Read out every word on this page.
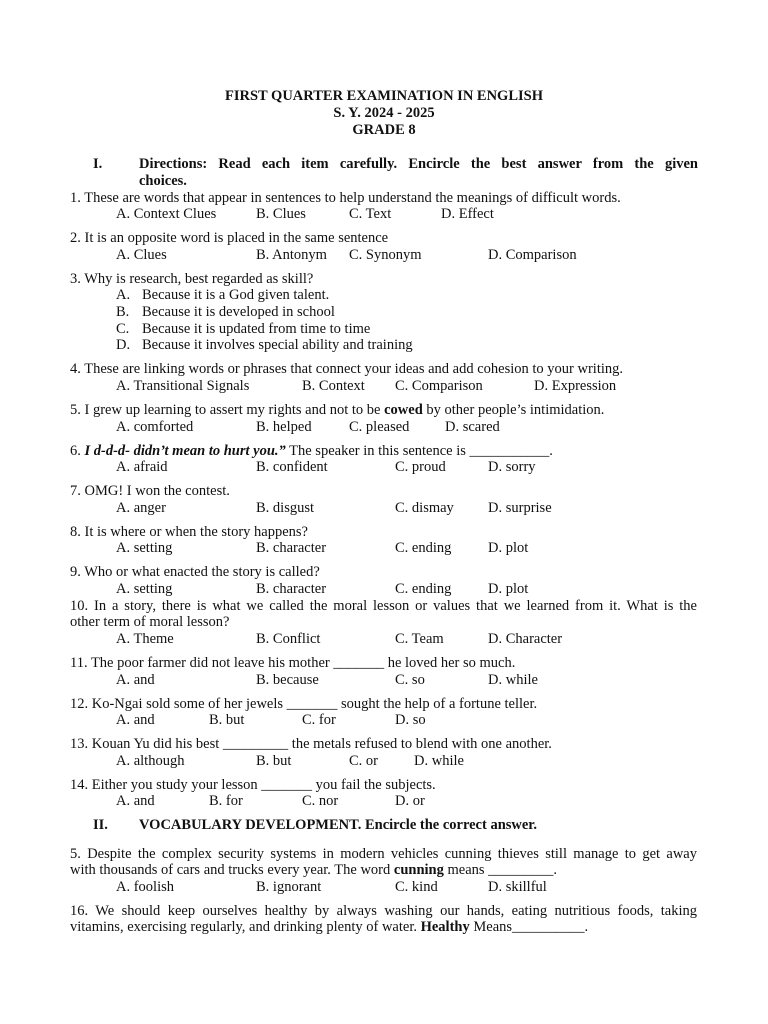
FIRST QUARTER EXAMINATION IN ENGLISH
S. Y. 2024 - 2025
GRADE 8
I.	Directions: Read each item carefully. Encircle the best answer from the given
choices.
1. These are words that appear in sentences to help understand the meanings of difficult words.
A. Context Clues	B. Clues	C. Text	D. Effect
2. It is an opposite word is placed in the same sentence
A. Clues	B. Antonym C. Synonym	D. Comparison
3. Why is research, best regarded as skill?
A. Because it is a God given talent.
B. Because it is developed in school
C. Because it is updated from time to time
D. Because it involves special ability and training
4. These are linking words or phrases that connect your ideas and add cohesion to your writing.
A. Transitional Signals	B. Context C. Comparison	D. Expression
5. I grew up learning to assert my rights and not to be cowed by other people’s intimidation.
A. comforted	B. helped	C. pleased D. scared
6. I d-d-d- didn’t mean to hurt you.” The speaker in this sentence is ___________.
A. afraid	B. confident	C. proud	D. sorry
7. OMG! I won the contest.
A. anger	B. disgust	C. dismay D. surprise
8. It is where or when the story happens?
A. setting	B. character	C. ending	D. plot
9. Who or what enacted the story is called?
A. setting	B. character	C. ending	D. plot
10. In a story, there is what we called the moral lesson or values that we learned from it. What is the
other term of moral lesson?
A. Theme	B. Conflict	C. Team	D. Character
11. The poor farmer did not leave his mother _______ he loved her so much.
A. and	B. because	C. so	D. while
12. Ko-Ngai sold some of her jewels _______ sought the help of a fortune teller.
A. and	B. but	C. for	D. so
13. Kouan Yu did his best _________ the metals refused to blend with one another.
A. although	B. but	C. or D. while
14. Either you study your lesson _______ you fail the subjects.
A. and	B. for	C. nor	D. or
II. VOCABULARY DEVELOPMENT. Encircle the correct answer.
5. Despite the complex security systems in modern vehicles cunning thieves still manage to get away
with thousands of cars and trucks every year. The word cunning means _________.
A. foolish	B. ignorant	C. kind	D. skillful
16. We should keep ourselves healthy by always washing our hands, eating nutritious foods, taking
vitamins, exercising regularly, and drinking plenty of water. Healthy Means__________.
